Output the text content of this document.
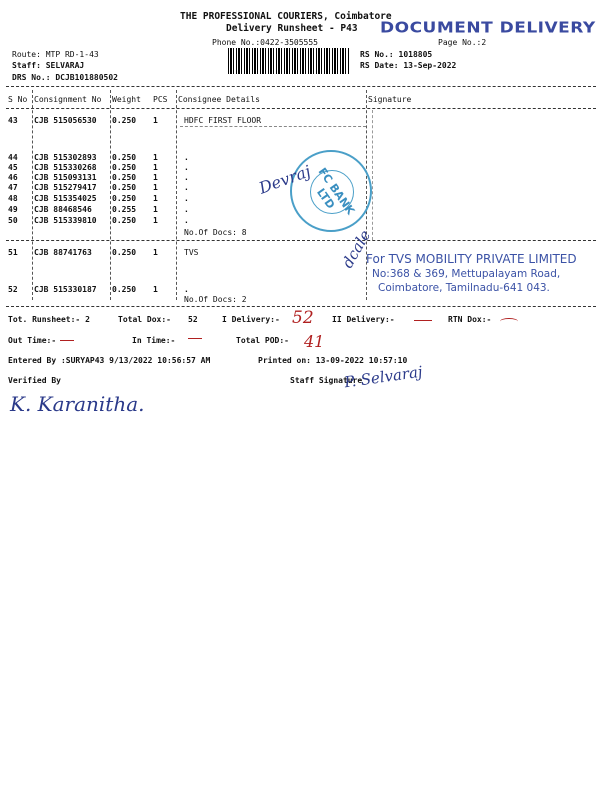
THE PROFESSIONAL COURIERS, Coimbatore
Delivery Runsheet - P43 DOCUMENT DELIVERY
Phone No.:0422-3505555	Page No.:2
Route: MTP RD-1-43
Staff: SELVARAJ
DRS No.: DCJB101880502
RS No.: 1018805
RS Date: 13-Sep-2022
S No Consignment No Weight PCS Consignee Details	Signature
43 CJB 515056530 0.250 1	HDFC FIRST FLOOR
44 CJB 515302893 0.250 1	.
45 CJB 515330268 0.250 1	.
46 CJB 515093131 0.250 1	.
47 CJB 515279417 0.250 1	.
48 CJB 515354025 0.250 1	.
49 CJB 88468546	0.255 1	.
50 CJB 515339810 0.250 1	.
No.Of Docs: 8
51 CJB 88741763	0.250 1	TVS
52 CJB 515330187 0.250 1	.
No.Of Docs: 2
FC BANK LTD
Devraj
dcale
For TVS MOBILITY PRIVATE LIMITED
No:368 & 369, Mettupalayam Road,
Coimbatore, Tamilnadu-641 043.
Tot. Runsheet:- 2	Total Dox:- 52	I Delivery:- 52 II Delivery:-	RTN Dox:-
Out Time:-	In Time:-	Total POD:- 41
Entered By :SURYAP43 9/13/2022 10:56:57 AM	Printed on: 13-09-2022 10:57:10
Verified By	Staff Signature
P. Selvaraj
K. Karanitha.
